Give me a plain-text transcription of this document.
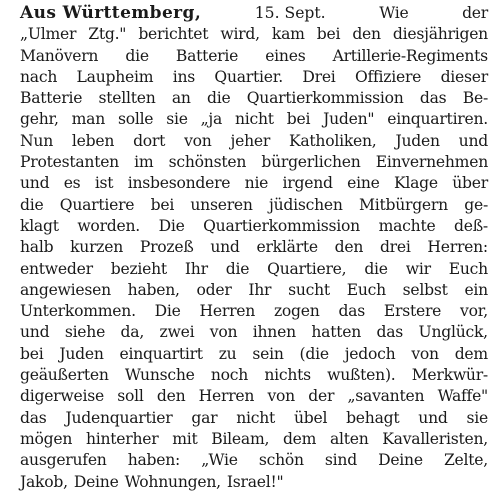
Aus Württemberg,	15. Sept.	Wie	der
„Ulmer Ztg." berichtet wird, kam bei den diesjährigen
Manövern die Batterie eines Artillerie-Regiments
nach Laupheim ins Quartier. Drei Offiziere dieser
Batterie stellten an die Quartierkommission das Be-
gehr, man solle sie „ja nicht bei Juden" einquartiren.
Nun leben dort von jeher Katholiken, Juden und
Protestanten im schönsten bürgerlichen Einvernehmen
und es ist insbesondere nie irgend eine Klage über
die Quartiere bei unseren jüdischen Mitbürgern ge-
klagt worden. Die Quartierkommission machte deß-
halb kurzen Prozeß und erklärte den drei Herren:
entweder bezieht Ihr die Quartiere, die wir Euch
angewiesen haben, oder Ihr sucht Euch selbst ein
Unterkommen. Die Herren zogen das Erstere vor,
und siehe da, zwei von ihnen hatten das Unglück,
bei Juden einquartirt zu sein (die jedoch von dem
geäußerten Wunsche noch nichts wußten). Merkwür-
digerweise soll den Herren von der „savanten Waffe"
das Judenquartier gar nicht übel behagt und sie
mögen hinterher mit Bileam, dem alten Kavalleristen,
ausgerufen haben: „Wie schön sind Deine Zelte,
Jakob, Deine Wohnungen, Israel!"
